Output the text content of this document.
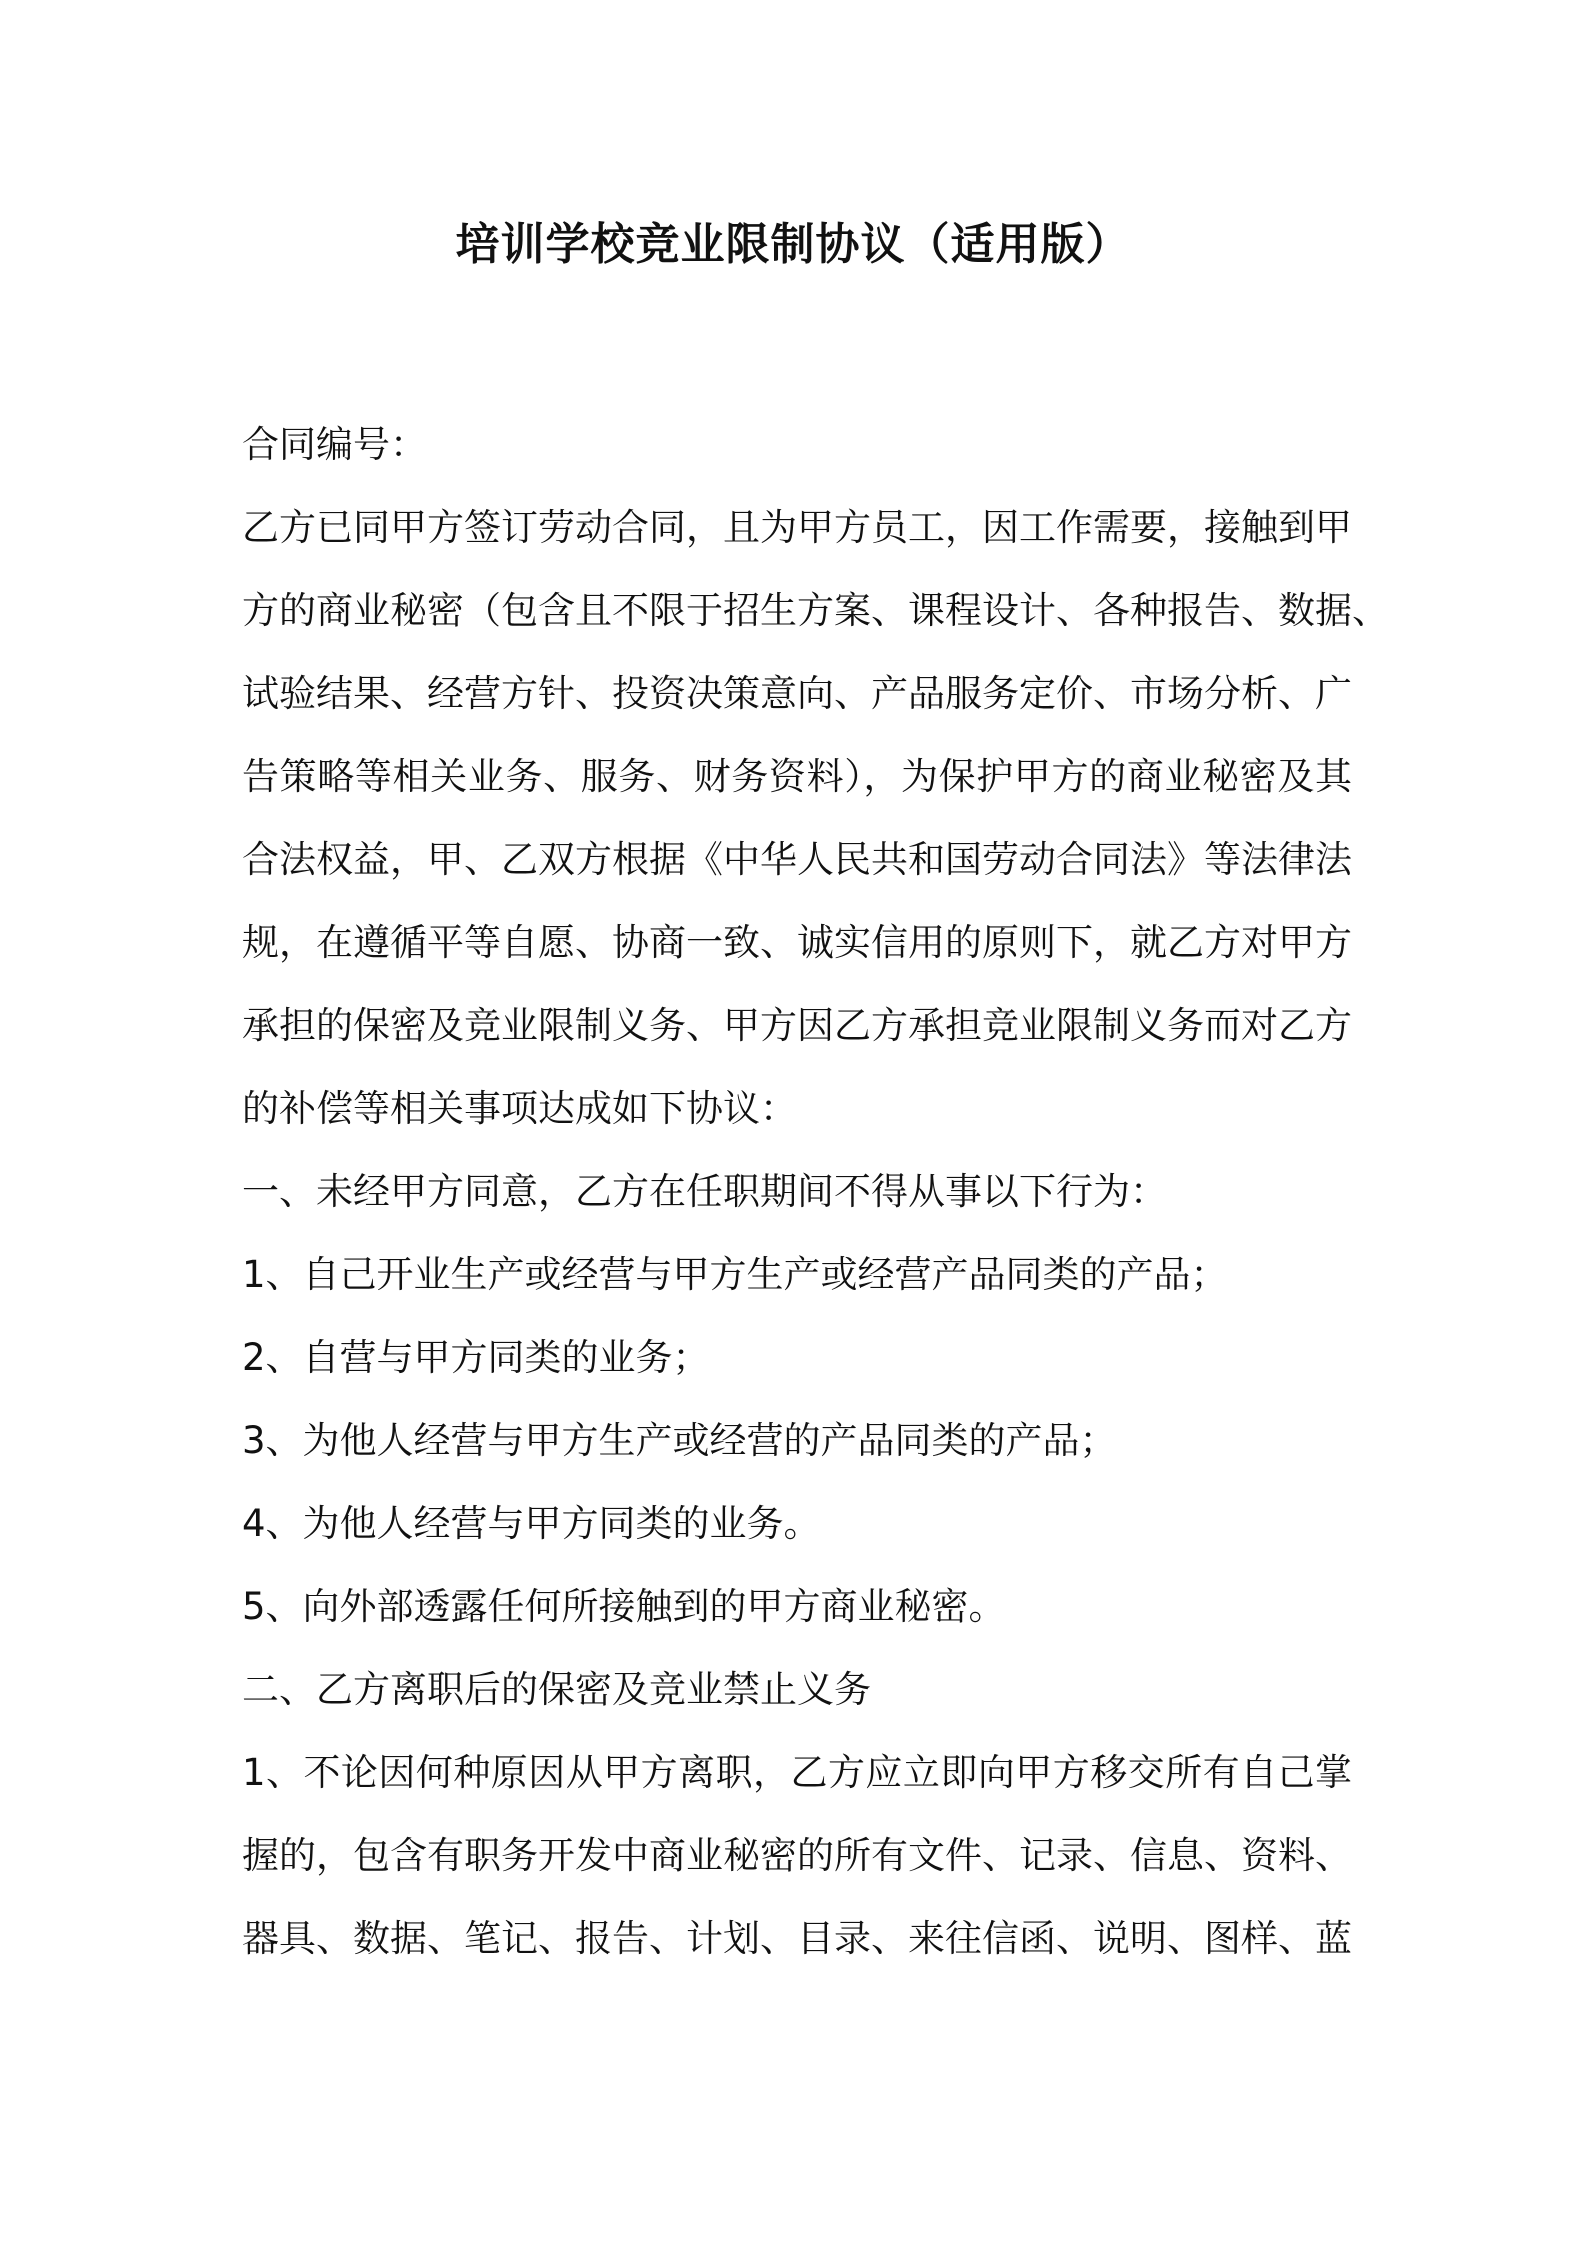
培训学校竞业限制协议（适用版）
合同编号：
乙方已同甲方签订劳动合同，且为甲方员工，因工作需要，接触到甲
方的商业秘密（包含且不限于招生方案、课程设计、各种报告、数据、
试验结果、经营方针、投资决策意向、产品服务定价、市场分析、广
告策略等相关业务、服务、财务资料），为保护甲方的商业秘密及其
合法权益，甲、乙双方根据《中华人民共和国劳动合同法》等法律法
规，在遵循平等自愿、协商一致、诚实信用的原则下，就乙方对甲方
承担的保密及竞业限制义务、甲方因乙方承担竞业限制义务而对乙方
的补偿等相关事项达成如下协议：
一、未经甲方同意，乙方在任职期间不得从事以下行为：
1、自己开业生产或经营与甲方生产或经营产品同类的产品；
2、自营与甲方同类的业务；
3、为他人经营与甲方生产或经营的产品同类的产品；
4、为他人经营与甲方同类的业务。
5、向外部透露任何所接触到的甲方商业秘密。
二、乙方离职后的保密及竞业禁止义务
1、不论因何种原因从甲方离职，乙方应立即向甲方移交所有自己掌
握的，包含有职务开发中商业秘密的所有文件、记录、信息、资料、
器具、数据、笔记、报告、计划、目录、来往信函、说明、图样、蓝
